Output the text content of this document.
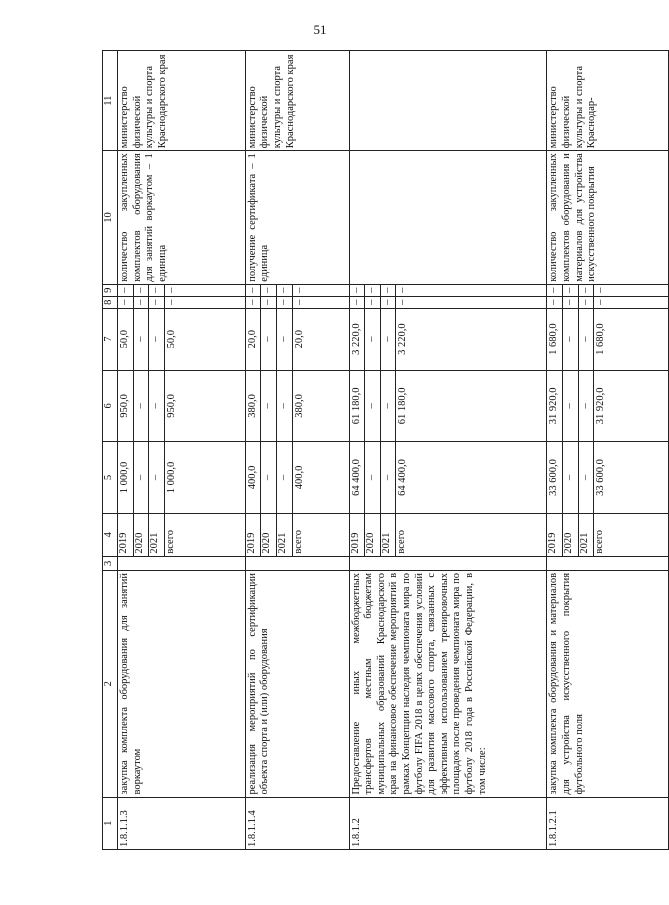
51
1	2	3	4	5	6	7	8	9	10	11
1.8.1.1.3	закупка комплекта оборудования для занятий воркаутом		2019	1 000,0	950,0	50,0	–	–	количество закупленных комплектов оборудования для занятий воркаутом – 1 единица	министерство физической культуры и спорта Краснодарского края
			2020	–	–	–	–	–		
			2021	–	–	–	–	–		
			всего	1 000,0	950,0	50,0	–	–		
1.8.1.1.4	реализация мероприятий по сертификации объекта спорта и (или) оборудования		2019	400,0	380,0	20,0	–	–	получение сертификата – 1 единица	министерство физической культуры и спорта Краснодарского края
			2020	–	–	–	–	–		
			2021	–	–	–	–	–		
			всего	400,0	380,0	20,0	–	–		
1.8.1.2	Предоставление иных межбюджетных трансфертов местным бюджетам муниципальных образований Краснодарского края на финансовое обеспечение мероприятий в рамках Концепции наследия чемпионата мира по футболу FIFA 2018 в целях обеспечения условий для развития массового спорта, связанных с эффективным использованием тренировочных площадок после проведения чемпионата мира по футболу 2018 года в Российской Федерации, в том числе:		2019	64 400,0	61 180,0	3 220,0	–	–		
			2020	–	–	–	–	–		
			2021	–	–	–	–	–		
			всего	64 400,0	61 180,0	3 220,0	–	–		
1.8.1.2.1	закупка комплекта оборудования и материалов для устройства искусственного покрытия футбольного поля		2019	33 600,0	31 920,0	1 680,0	–	–	количество закупленных комплектов оборудования и материалов для устройства искусственного покрытия	министерство физической культуры и спорта Краснодар-
			2020	–	–	–	–	–		
			2021	–	–	–	–	–		
			всего	33 600,0	31 920,0	1 680,0	–	–		
